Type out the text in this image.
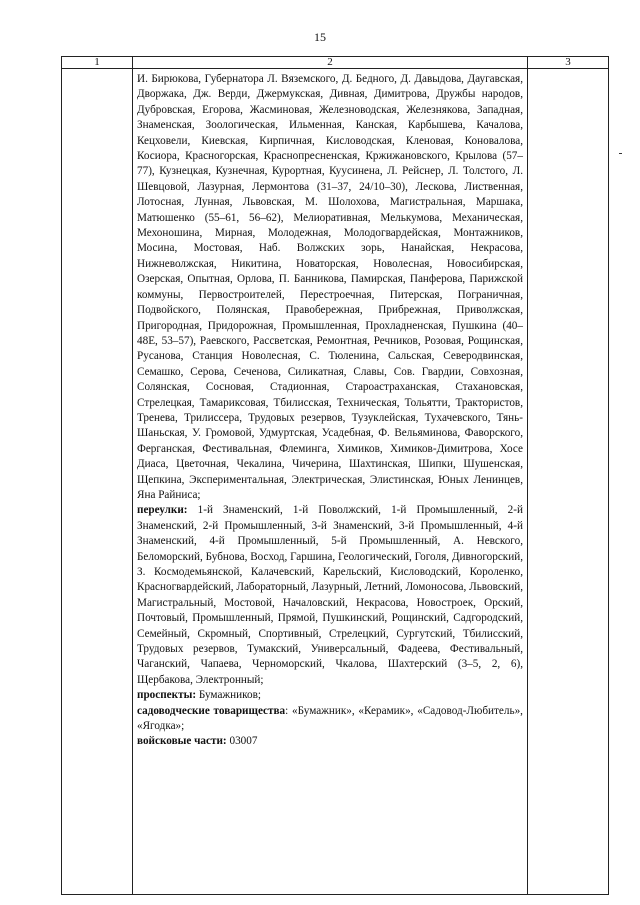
15
1	2	3

	И. Бирюкова, Губернатора Л. Вяземского, Д. Бедного, Д. Давыдова, Даугавская, Дворжака, Дж. Верди, Джермукская, Дивная, Димитрова, Дружбы народов, Дубровская, Егорова, Жасминовая, Железноводская, Железнякова, Западная, Знаменская, Зоологическая, Ильменная, Канская, Карбышева, Качалова, Кецховели, Киевская, Кирпичная, Кисловодская, Кленовая, Коновалова, Косиора, Красногорская, Краснопресненская, Кржижановского, Крылова (57–77), Кузнецкая, Кузнечная, Курортная, Куусинена, Л. Рейснер, Л. Толстого, Л. Шевцовой, Лазурная, Лермонтова (31–37, 24/10–30), Лескова, Лиственная, Лотосная, Лунная, Львовская, М. Шолохова, Магистральная, Маршака, Матюшенко (55–61, 56–62), Мелиоративная, Мелькумова, Механическая, Мехоношина, Мирная, Молодежная, Молодогвардейская, Монтажников, Мосина, Мостовая, Наб. Волжских зорь, Нанайская, Некрасова, Нижневолжская, Никитина, Новаторская, Новолесная, Новосибирская, Озерская, Опытная, Орлова, П. Банникова, Памирская, Панферова, Парижской коммуны, Первостроителей, Перестроечная, Питерская, Пограничная, Подвойского, Полянская, Правобережная, Прибрежная, Приволжская, Пригородная, Придорожная, Промышленная, Прохладненская, Пушкина (40–48Е, 53–57), Раевского, Рассветская, Ремонтная, Речников, Розовая, Рощинская, Русанова, Станция Новолесная, С. Тюленина, Сальская, Северодвинская, Семашко, Серова, Сеченова, Силикатная, Славы, Сов. Гвардии, Совхозная, Солянская, Сосновая, Стадионная, Староастраханская, Стахановская, Стрелецкая, Тамариксовая, Тбилисская, Техническая, Тольятти, Трактористов, Тренева, Трилиссера, Трудовых резервов, Тузуклейская, Тухачевского, Тянь-Шаньская, У. Громовой, Удмуртская, Усадебная, Ф. Вельяминова, Фаворского, Ферганская, Фестивальная, Флеминга, Химиков, Химиков-Димитрова, Хосе Диаса, Цветочная, Чекалина, Чичерина, Шахтинская, Шипки, Шушенская, Щепкина, Экспериментальная, Электрическая, Элистинская, Юных Ленинцев, Яна Райниса;

переулки: 1-й Знаменский, 1-й Поволжский, 1-й Промышленный, 2-й Знаменский, 2-й Промышленный, 3-й Знаменский, 3-й Промышленный, 4-й Знаменский, 4-й Промышленный, 5-й Промышленный, А. Невского, Беломорский, Бубнова, Восход, Гаршина, Геологический, Гоголя, Дивногорский, З. Космодемьянской, Калачевский, Карельский, Кисловодский, Короленко, Красногвардейский, Лабораторный, Лазурный, Летний, Ломоносова, Львовский, Магистральный, Мостовой, Началовский, Некрасова, Новостроек, Орский, Почтовый, Промышленный, Прямой, Пушкинский, Рощинский, Садгородский, Семейный, Скромный, Спортивный, Стрелецкий, Сургутский, Тбилисский, Трудовых резервов, Тумакский, Универсальный, Фадеева, Фестивальный, Чаганский, Чапаева, Черноморский, Чкалова, Шахтерский (3–5, 2, 6), Щербакова, Электронный;

проспекты: Бумажников;

садоводческие товарищества: «Бумажник», «Керамик», «Садовод-Любитель», «Ягодка»;

войсковые части: 03007	
